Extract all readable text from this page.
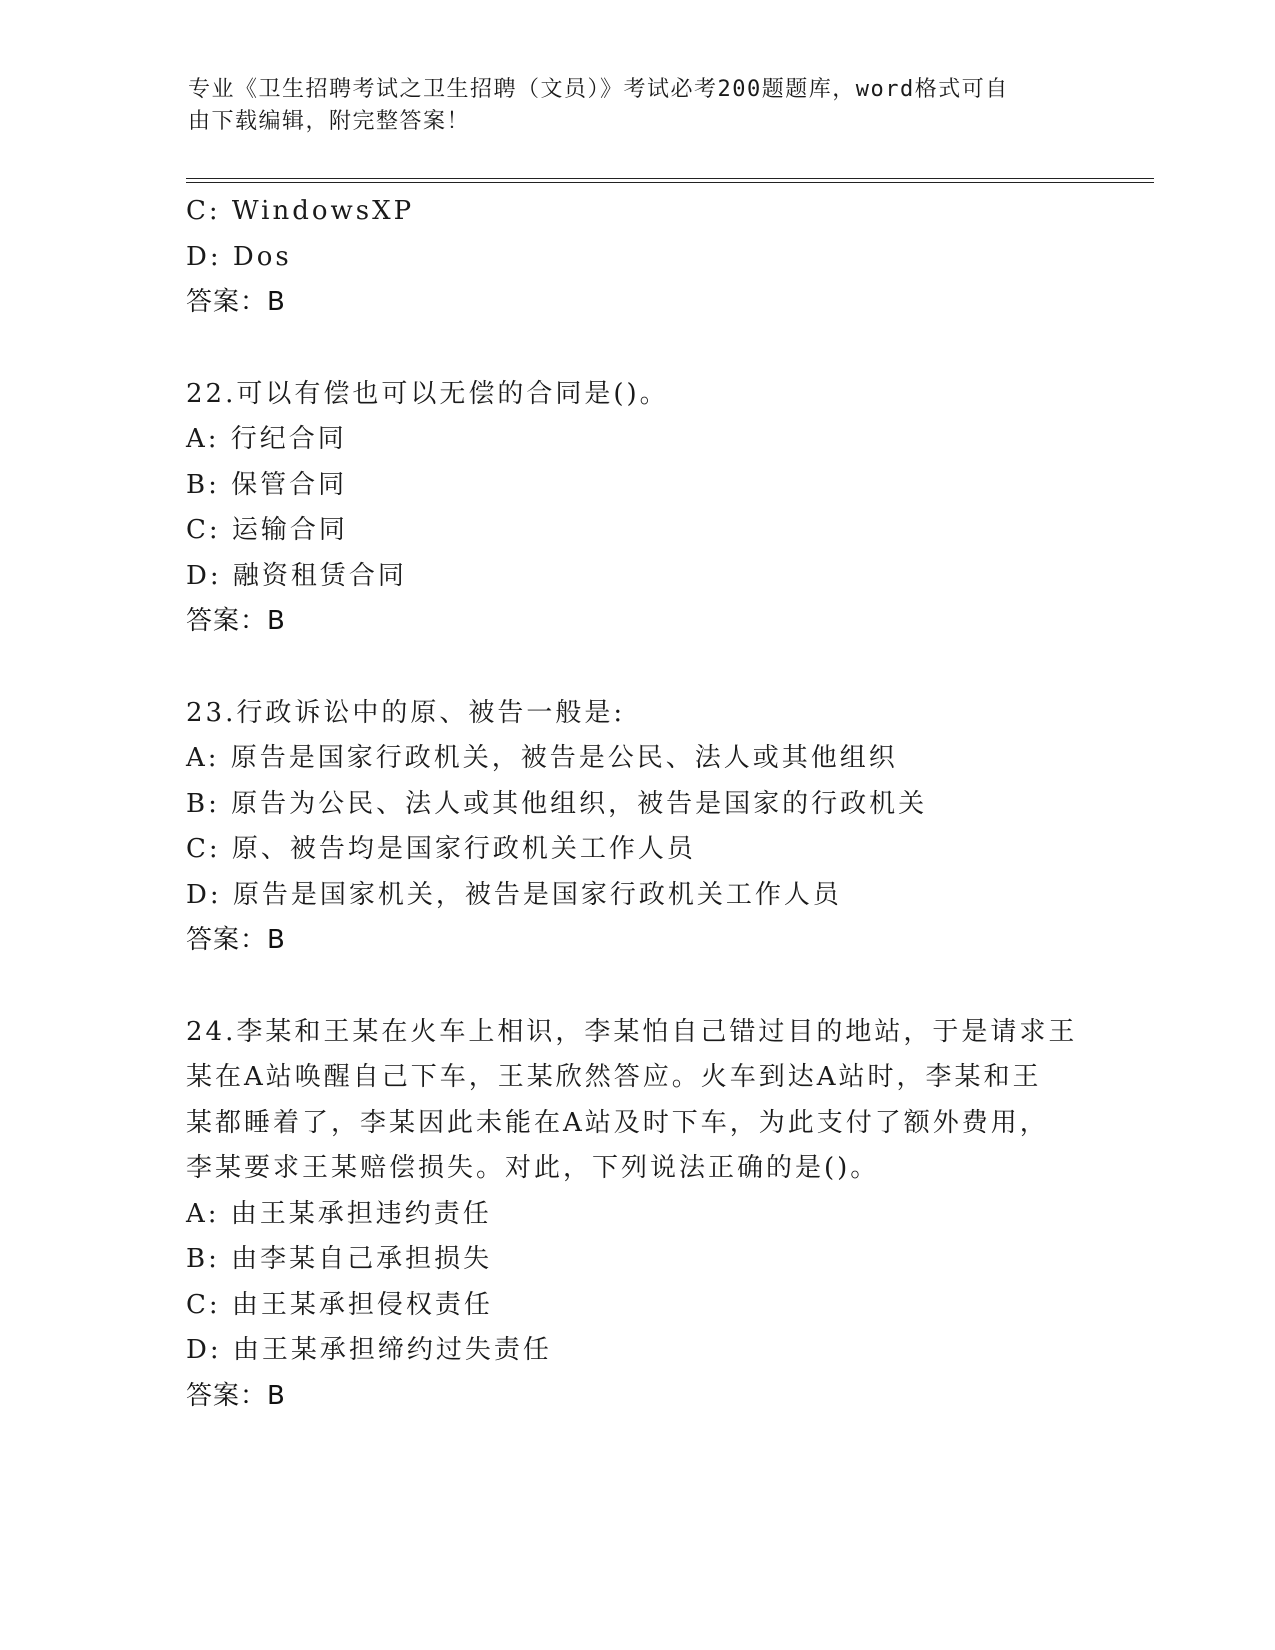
专业《卫生招聘考试之卫生招聘（文员）》考试必考200题题库，word格式可自
由下载编辑，附完整答案！
C: WindowsXP
D: Dos
答案：B
22.可以有偿也可以无偿的合同是()。
A: 行纪合同
B: 保管合同
C: 运输合同
D: 融资租赁合同
答案：B
23.行政诉讼中的原、被告一般是:
A: 原告是国家行政机关，被告是公民、法人或其他组织
B: 原告为公民、法人或其他组织，被告是国家的行政机关
C: 原、被告均是国家行政机关工作人员
D: 原告是国家机关，被告是国家行政机关工作人员
答案：B
24.李某和王某在火车上相识，李某怕自己错过目的地站，于是请求王
某在A站唤醒自己下车，王某欣然答应。火车到达A站时，李某和王
某都睡着了，李某因此未能在A站及时下车，为此支付了额外费用，
李某要求王某赔偿损失。对此，下列说法正确的是()。
A: 由王某承担违约责任
B: 由李某自己承担损失
C: 由王某承担侵权责任
D: 由王某承担缔约过失责任
答案：B
